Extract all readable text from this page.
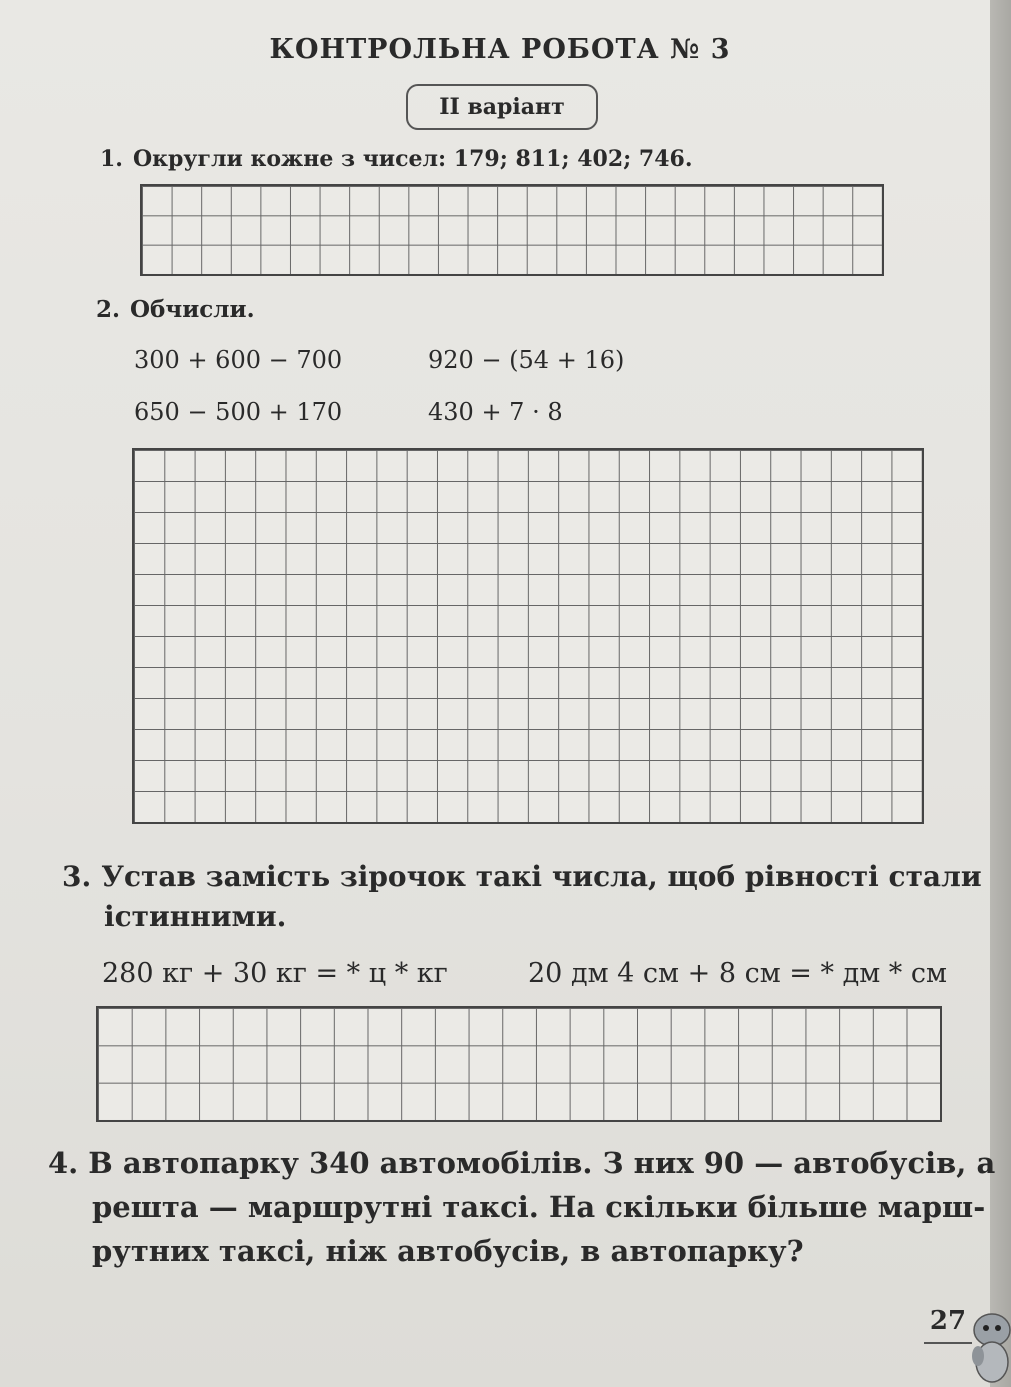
КОНТРОЛЬНА РОБОТА № 3
ІІ варіант
1. Округли кожне з чисел: 179; 811; 402; 746.
2. Обчисли.
300 + 600 − 700	920 − (54 + 16)
650 − 500 + 170	430 + 7 · 8
3. Устав замість зірочок такі числа, щоб рівності стали
істинними.
280 кг + 30 кг = * ц * кг	20 дм 4 см + 8 см = * дм * см
4. В автопарку 340 автомобілів. З них 90 — автобусів, а
решта — маршрутні таксі. На скільки більше марш-
рутних таксі, ніж автобусів, в автопарку?
27
